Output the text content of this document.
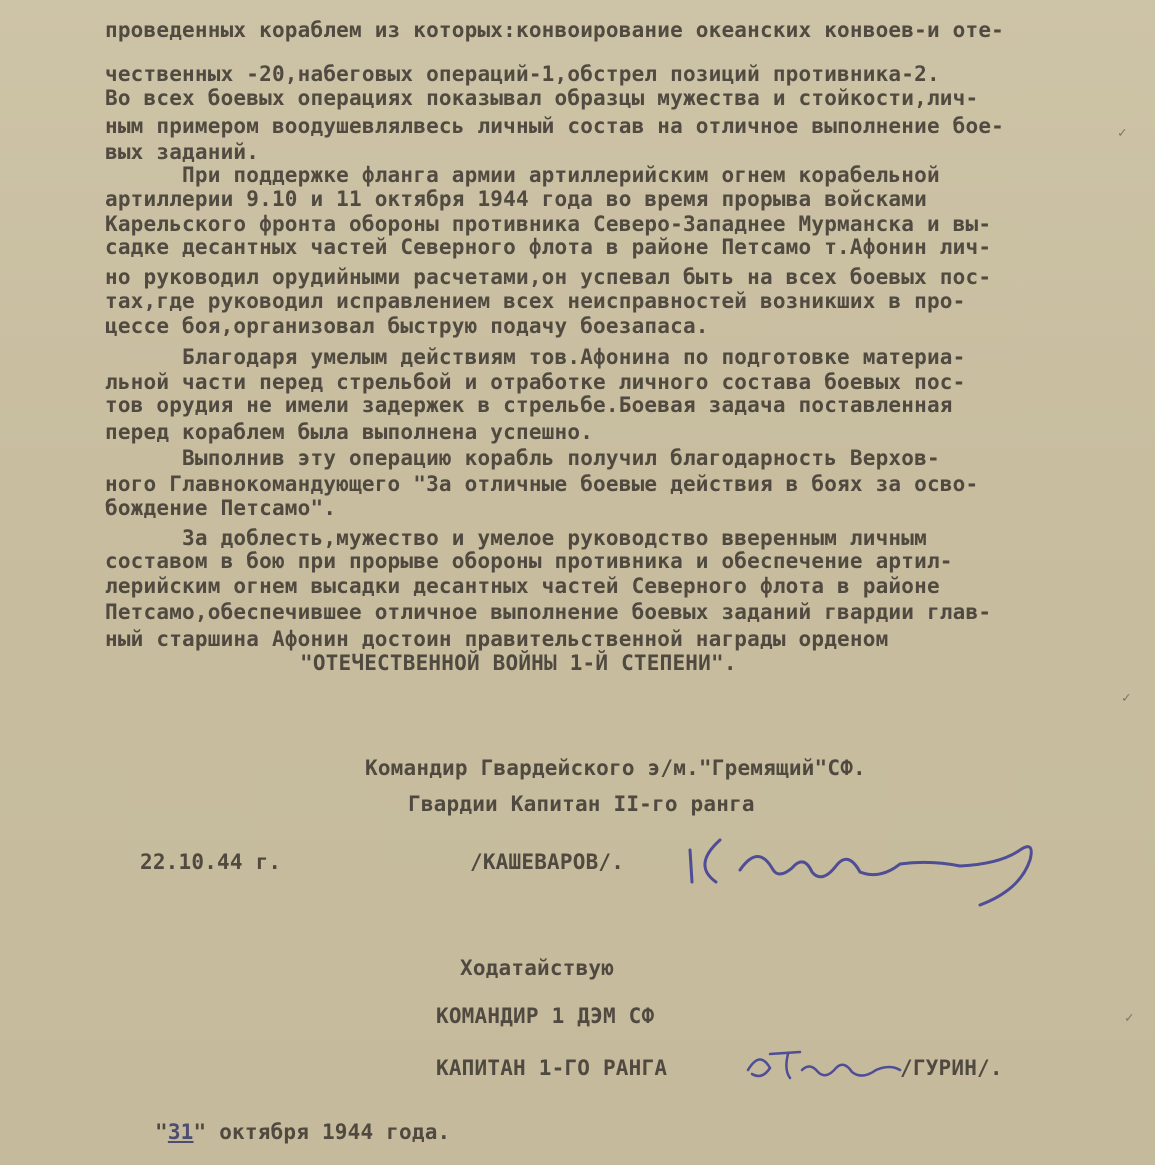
проведенных кораблем из которых:конвоирование океанских конвоев-и оте-
чественных -20,набеговых операций-1,обстрел позиций противника-2.
Во всех боевых операциях показывал образцы мужества и стойкости,лич-
ным примером воодушевлялвесь личный состав на отличное выполнение бое-
вых заданий.
При поддержке фланга армии артиллерийским огнем корабельной
артиллерии 9.10 и 11 октября 1944 года во время прорыва войсками
Карельского фронта обороны противника Северо-Западнее Мурманска и вы-
садке десантных частей Северного флота в районе Петсамо т.Афонин лич-
но руководил орудийными расчетами,он успевал быть на всех боевых пос-
тах,где руководил исправлением всех неисправностей возникших в про-
цессе боя,организовал быструю подачу боезапаса.
Благодаря умелым действиям тов.Афонина по подготовке материа-
льной части перед стрельбой и отработке личного состава боевых пос-
тов орудия не имели задержек в стрельбе.Боевая задача поставленная
перед кораблем была выполнена успешно.
Выполнив эту операцию корабль получил благодарность Верхов-
ного Главнокомандующего "За отличные боевые действия в боях за осво-
бождение Петсамо".
За доблесть,мужество и умелое руководство вверенным личным
составом в бою при прорыве обороны противника и обеспечение артил-
лерийским огнем высадки десантных частей Северного флота в районе
Петсамо,обеспечившее отличное выполнение боевых заданий гвардии глав-
ный старшина Афонин достоин правительственной награды орденом
"ОТЕЧЕСТВЕННОЙ ВОЙНЫ 1-Й СТЕПЕНИ".
Командир Гвардейского э/м."Гремящий"СФ.
Гвардии Капитан II-го ранга
22.10.44 г.	/КАШЕВАРОВ/.
Ходатайствую
КОМАНДИР 1 ДЭМ СФ
КАПИТАН 1-ГО РАНГА	/ГУРИН/.
"31" октября 1944 года.
✓
✓
✓
